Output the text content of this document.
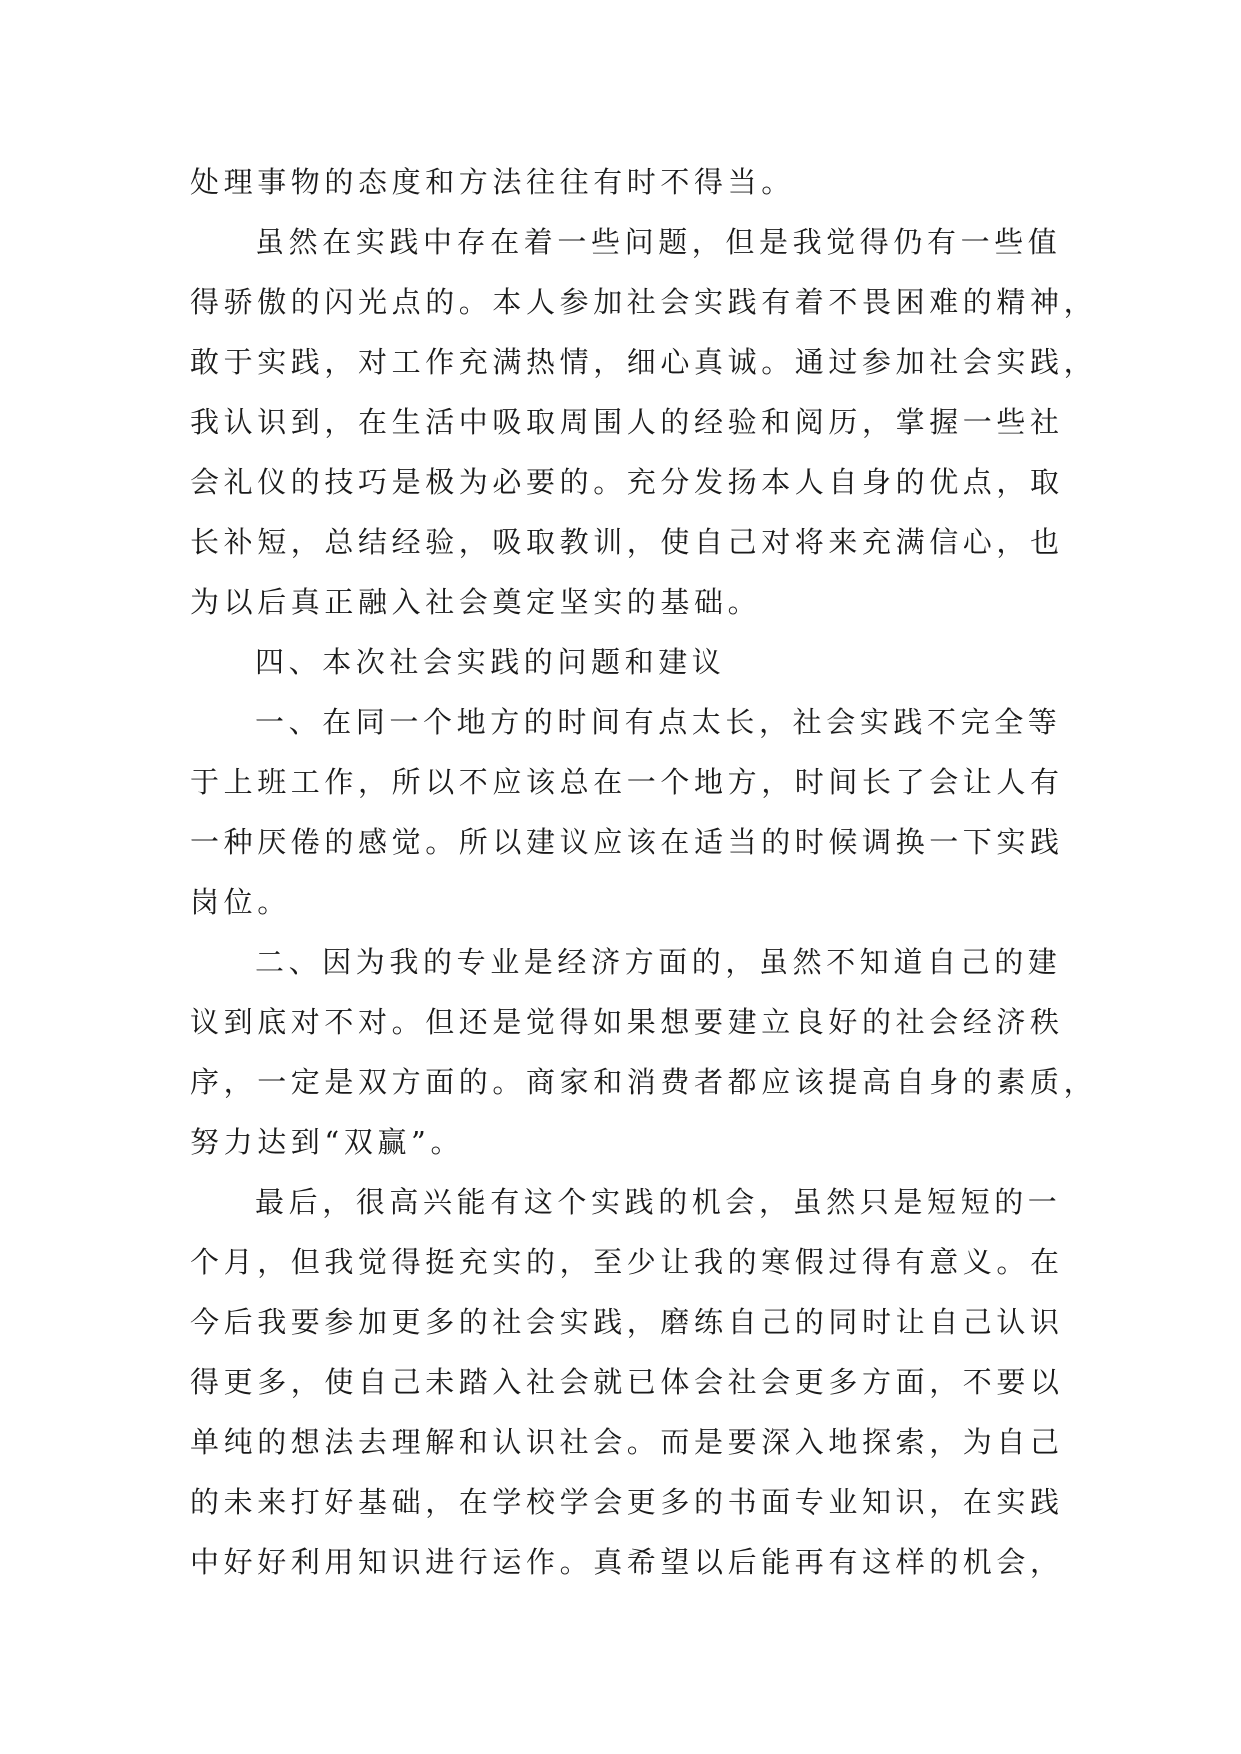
处理事物的态度和方法往往有时不得当。
虽然在实践中存在着一些问题，但是我觉得仍有一些值
得骄傲的闪光点的。本人参加社会实践有着不畏困难的精神，
敢于实践，对工作充满热情，细心真诚。通过参加社会实践，
我认识到，在生活中吸取周围人的经验和阅历，掌握一些社
会礼仪的技巧是极为必要的。充分发扬本人自身的优点，取
长补短，总结经验，吸取教训，使自己对将来充满信心，也
为以后真正融入社会奠定坚实的基础。
四、本次社会实践的问题和建议
一、在同一个地方的时间有点太长，社会实践不完全等
于上班工作，所以不应该总在一个地方，时间长了会让人有
一种厌倦的感觉。所以建议应该在适当的时候调换一下实践
岗位。
二、因为我的专业是经济方面的，虽然不知道自己的建
议到底对不对。但还是觉得如果想要建立良好的社会经济秩
序，一定是双方面的。商家和消费者都应该提高自身的素质，
努力达到“双赢”。
最后，很高兴能有这个实践的机会，虽然只是短短的一
个月，但我觉得挺充实的，至少让我的寒假过得有意义。在
今后我要参加更多的社会实践，磨练自己的同时让自己认识
得更多，使自己未踏入社会就已体会社会更多方面，不要以
单纯的想法去理解和认识社会。而是要深入地探索，为自己
的未来打好基础，在学校学会更多的书面专业知识，在实践
中好好利用知识进行运作。真希望以后能再有这样的机会，
